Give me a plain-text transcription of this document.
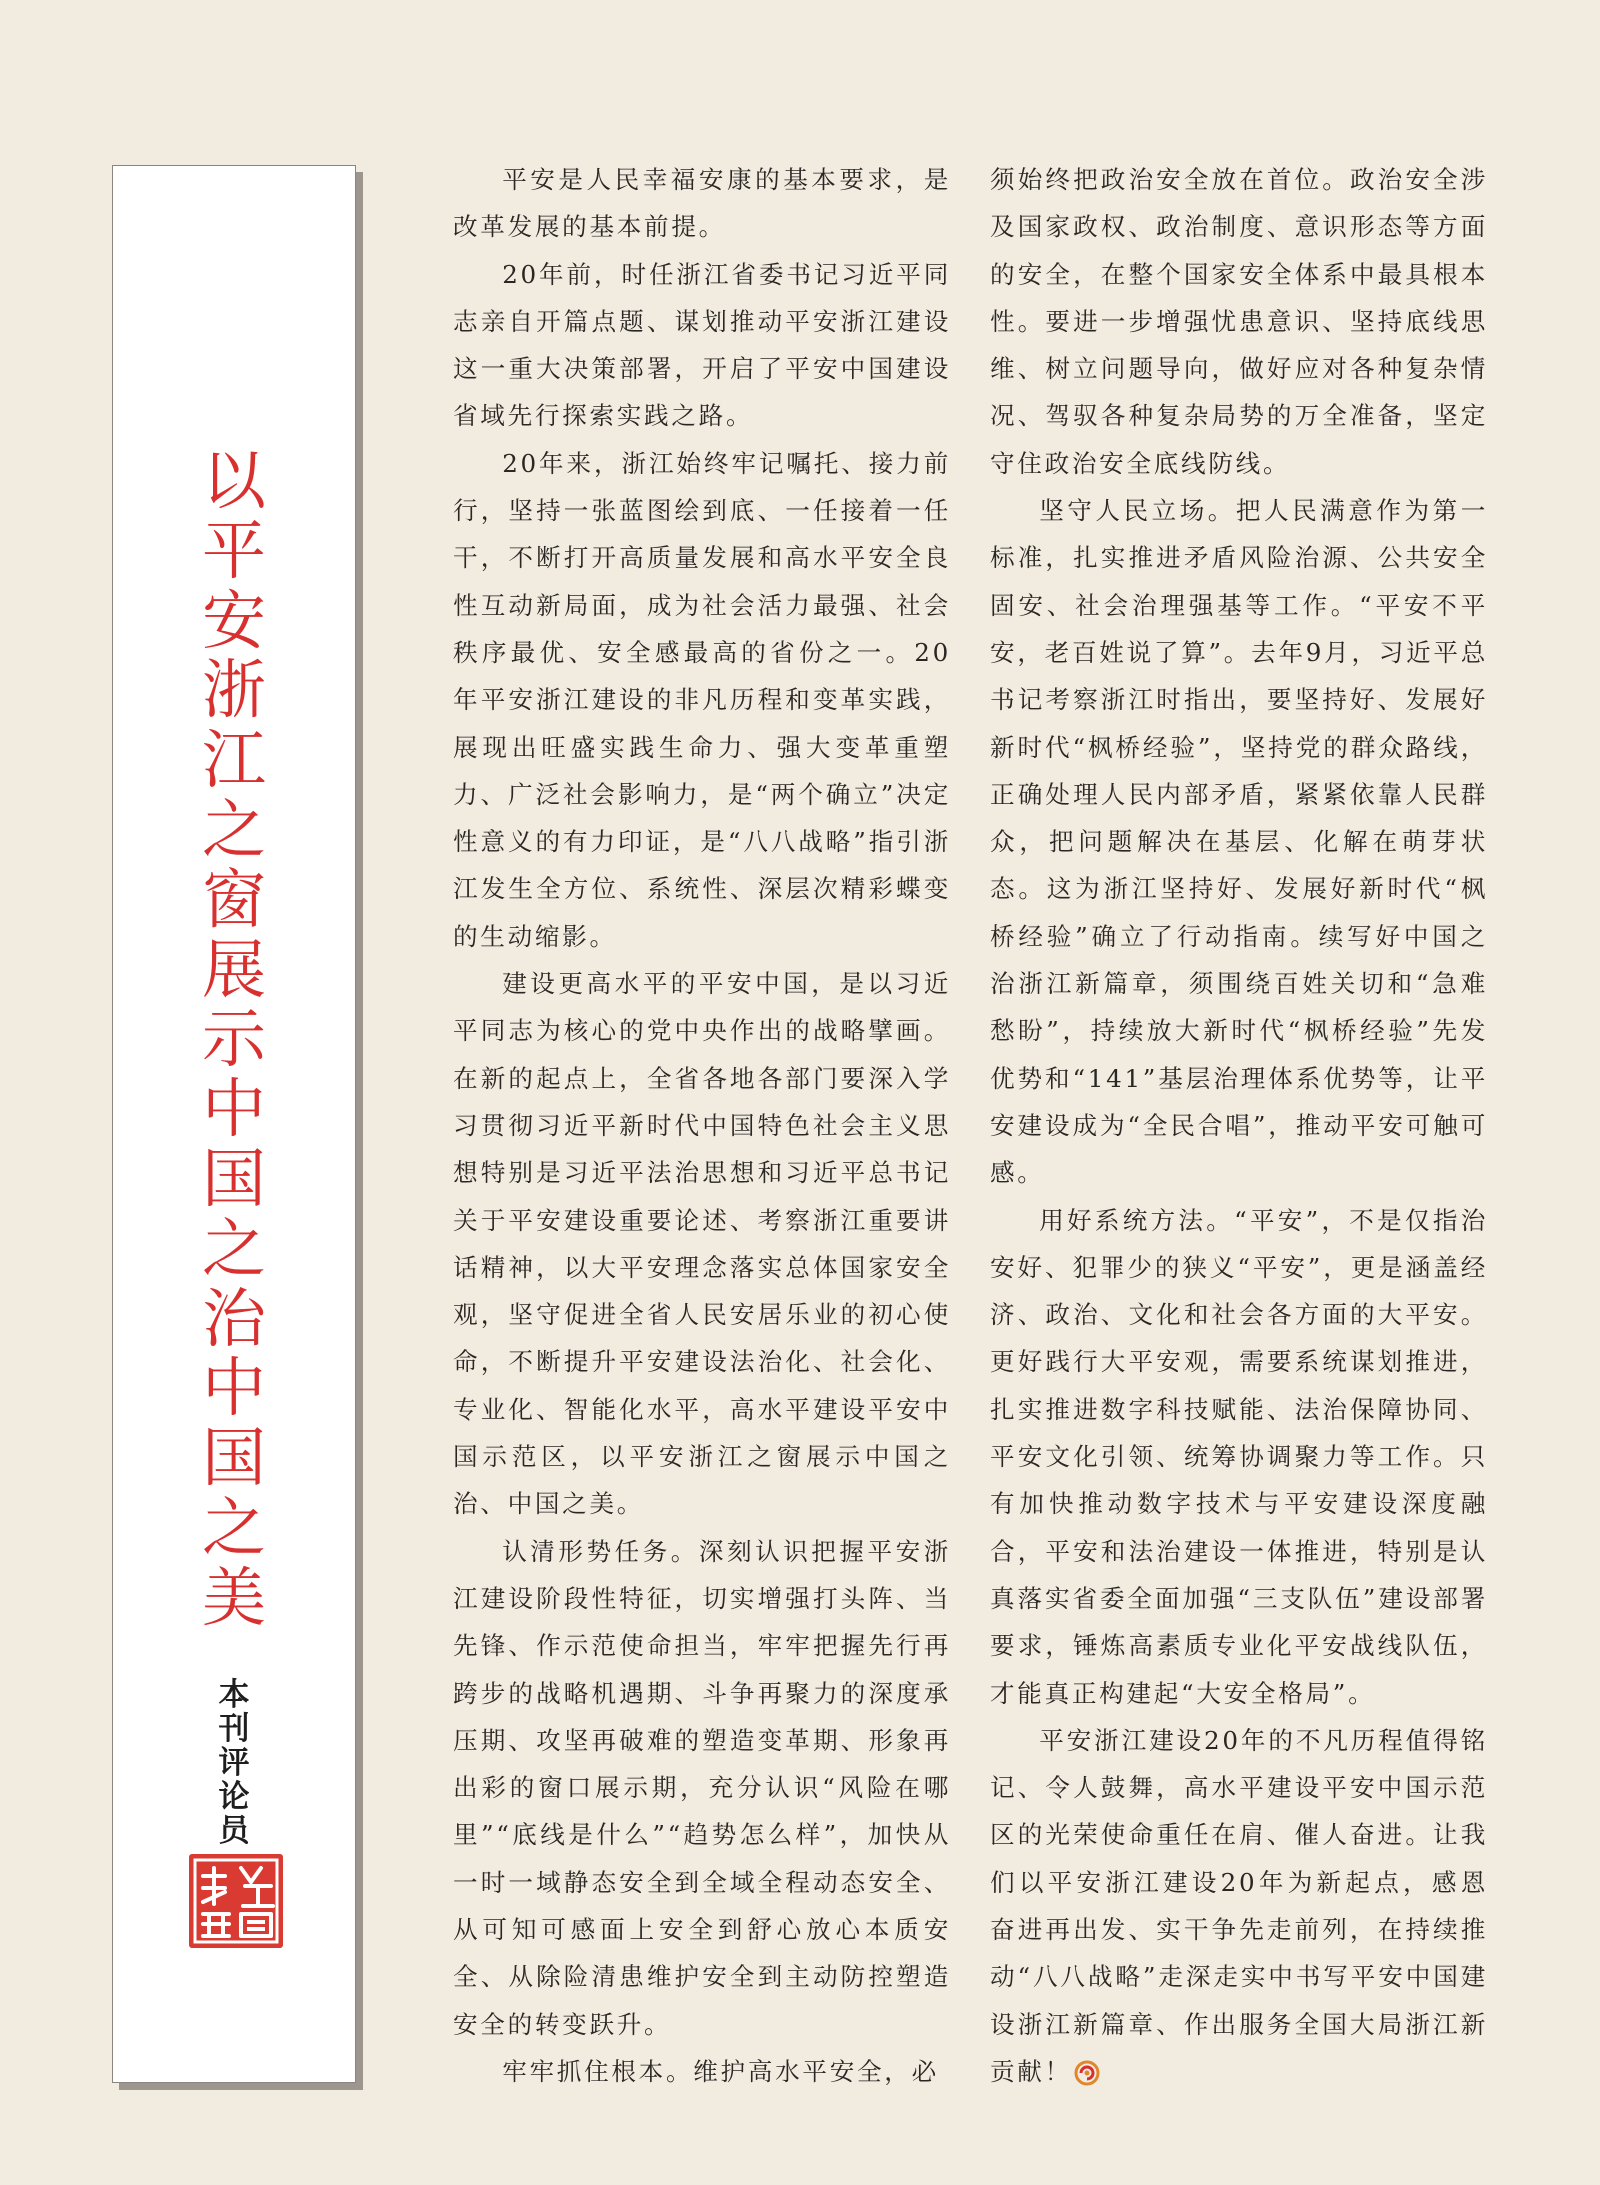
以
平
安
浙
江
之
窗
展
示
中
国
之
治
中
国
之
美
本
刊
评
论
员

平安是人民幸福安康的基本要求，是改革发展的基本前提。

20年前，时任浙江省委书记习近平同志亲自开篇点题、谋划推动平安浙江建设这一重大决策部署，开启了平安中国建设省域先行探索实践之路。

20年来，浙江始终牢记嘱托、接力前行，坚持一张蓝图绘到底、一任接着一任干，不断打开高质量发展和高水平安全良性互动新局面，成为社会活力最强、社会秩序最优、安全感最高的省份之一。20年平安浙江建设的非凡历程和变革实践，展现出旺盛实践生命力、强大变革重塑力、广泛社会影响力，是“两个确立”决定性意义的有力印证，是“八八战略”指引浙江发生全方位、系统性、深层次精彩蝶变的生动缩影。

建设更高水平的平安中国，是以习近平同志为核心的党中央作出的战略擘画。在新的起点上，全省各地各部门要深入学习贯彻习近平新时代中国特色社会主义思想特别是习近平法治思想和习近平总书记关于平安建设重要论述、考察浙江重要讲话精神，以大平安理念落实总体国家安全观，坚守促进全省人民安居乐业的初心使命，不断提升平安建设法治化、社会化、专业化、智能化水平，高水平建设平安中国示范区，以平安浙江之窗展示中国之治、中国之美。

认清形势任务。深刻认识把握平安浙江建设阶段性特征，切实增强打头阵、当先锋、作示范使命担当，牢牢把握先行再跨步的战略机遇期、斗争再聚力的深度承压期、攻坚再破难的塑造变革期、形象再出彩的窗口展示期，充分认识“风险在哪里”“底线是什么”“趋势怎么样”，加快从一时一域静态安全到全域全程动态安全、从可知可感面上安全到舒心放心本质安全、从除险清患维护安全到主动防控塑造安全的转变跃升。

牢牢抓住根本。维护高水平安全，必

须始终把政治安全放在首位。政治安全涉及国家政权、政治制度、意识形态等方面的安全，在整个国家安全体系中最具根本性。要进一步增强忧患意识、坚持底线思维、树立问题导向，做好应对各种复杂情况、驾驭各种复杂局势的万全准备，坚定守住政治安全底线防线。

坚守人民立场。把人民满意作为第一标准，扎实推进矛盾风险治源、公共安全固安、社会治理强基等工作。“平安不平安，老百姓说了算”。去年9月，习近平总书记考察浙江时指出，要坚持好、发展好新时代“枫桥经验”，坚持党的群众路线，正确处理人民内部矛盾，紧紧依靠人民群众，把问题解决在基层、化解在萌芽状态。这为浙江坚持好、发展好新时代“枫桥经验”确立了行动指南。续写好中国之治浙江新篇章，须围绕百姓关切和“急难愁盼”，持续放大新时代“枫桥经验”先发优势和“141”基层治理体系优势等，让平安建设成为“全民合唱”，推动平安可触可感。

用好系统方法。“平安”，不是仅指治安好、犯罪少的狭义“平安”，更是涵盖经济、政治、文化和社会各方面的大平安。更好践行大平安观，需要系统谋划推进，扎实推进数字科技赋能、法治保障协同、平安文化引领、统筹协调聚力等工作。只有加快推动数字技术与平安建设深度融合，平安和法治建设一体推进，特别是认真落实省委全面加强“三支队伍”建设部署要求，锤炼高素质专业化平安战线队伍，才能真正构建起“大安全格局”。

平安浙江建设20年的不凡历程值得铭记、令人鼓舞，高水平建设平安中国示范区的光荣使命重任在肩、催人奋进。让我们以平安浙江建设20年为新起点，感恩奋进再出发、实干争先走前列，在持续推动“八八战略”走深走实中书写平安中国建设浙江新篇章、作出服务全国大局浙江新贡献！
